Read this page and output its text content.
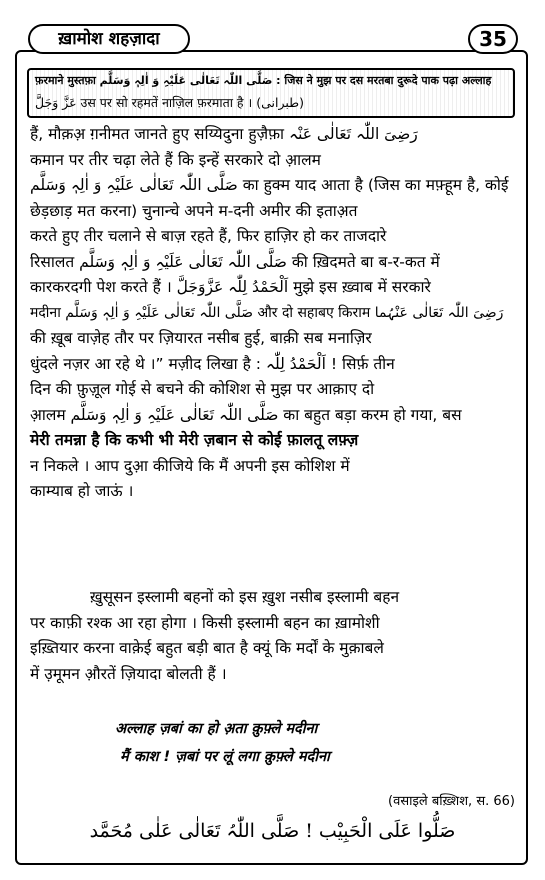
ख़ामोश शहज़ादा	35
फ़रमाने मुस्तफ़ा صَلَّى اللّٰہ تَعَالٰی عَلَیْہِ وَ اٰلِہٖ وَسَلَّم : जिस ने मुझ पर दस मरतबा दुरूदे पाक पढ़ा अल्लाह
عَزَّ وَجَلَّ उस पर सो रहमतें नाज़िल फ़रमाता है । (طبرانی)
हैं, मौक़अ़ ग़नीमत जानते हुए सय्यिदुना हुज़ैफ़ा رَضِیَ اللّٰہ تَعَالٰی عَنْہ
कमान पर तीर चढ़ा लेते हैं कि इन्हें सरकारे दो आ़लम
صَلَّى اللّٰہ تَعَالٰی عَلَیْہِ وَ اٰلِہٖ وَسَلَّم का हुक्म याद आता है (जिस का मफ़्हूम है, कोई
छेड़छाड़ मत करना) चुनान्चे अपने म-दनी अमीर की इताअ़त
करते हुए तीर चलाने से बाज़ रहते हैं, फिर हाज़िर हो कर ताजदारे
रिसालत صَلَّى اللّٰہ تَعَالٰی عَلَیْہِ وَ اٰلِہٖ وَسَلَّم की ख़िदमते बा ब-र-कत में
कारकरदगी पेश करते हैं । اَلْحَمْدُ لِلّٰہ عَزَّوَجَلَّ मुझे इस ख़्वाब में सरकारे
मदीना صَلَّى اللّٰہ تَعَالٰی عَلَیْہِ وَ اٰلِہٖ وَسَلَّم और दो सहाबए किराम رَضِیَ اللّٰہ تَعَالٰی عَنْہُما
की ख़ूब वाज़ेह तौर पर ज़ियारत नसीब हुई, बाक़ी सब मनाज़िर
धुंदले नज़र आ रहे थे ।” मज़ीद लिखा है : اَلْحَمْدُ لِلّٰہ ! सिर्फ़ तीन
दिन की फ़ुज़ूल गोई से बचने की कोशिश से मुझ पर आक़ाए दो
आ़लम صَلَّى اللّٰہ تَعَالٰی عَلَیْہِ وَ اٰلِہٖ وَسَلَّم का बहुत बड़ा करम हो गया, बस
मेरी तमन्ना है कि कभी भी मेरी ज़बान से कोई फ़ालतू लफ़्ज़
न निकले । आप दुआ़ कीजिये कि मैं अपनी इस कोशिश में
काम्याब हो जाऊं ।
ख़ुसूसन इस्लामी बहनों को इस ख़ुश नसीब इस्लामी बहन
पर काफ़ी रश्क आ रहा होगा । किसी इस्लामी बहन का ख़ामोशी
इख़्तियार करना वाक़ेई बहुत बड़ी बात है क्यूं कि मर्दों के मुक़ाबले
में उ़मूमन औ़रतें ज़ियादा बोलती हैं ।
अल्लाह ज़बां का हो अ़ता क़ुफ़्ले मदीना
मैं काश ! ज़बां पर लूं लगा क़ुफ़्ले मदीना
(वसाइले बख़्शिश, स. 66)
صَلُّوا عَلَی الْحَبِیْب ! صَلَّی اللّٰہُ تَعَالٰی عَلٰی مُحَمَّد
